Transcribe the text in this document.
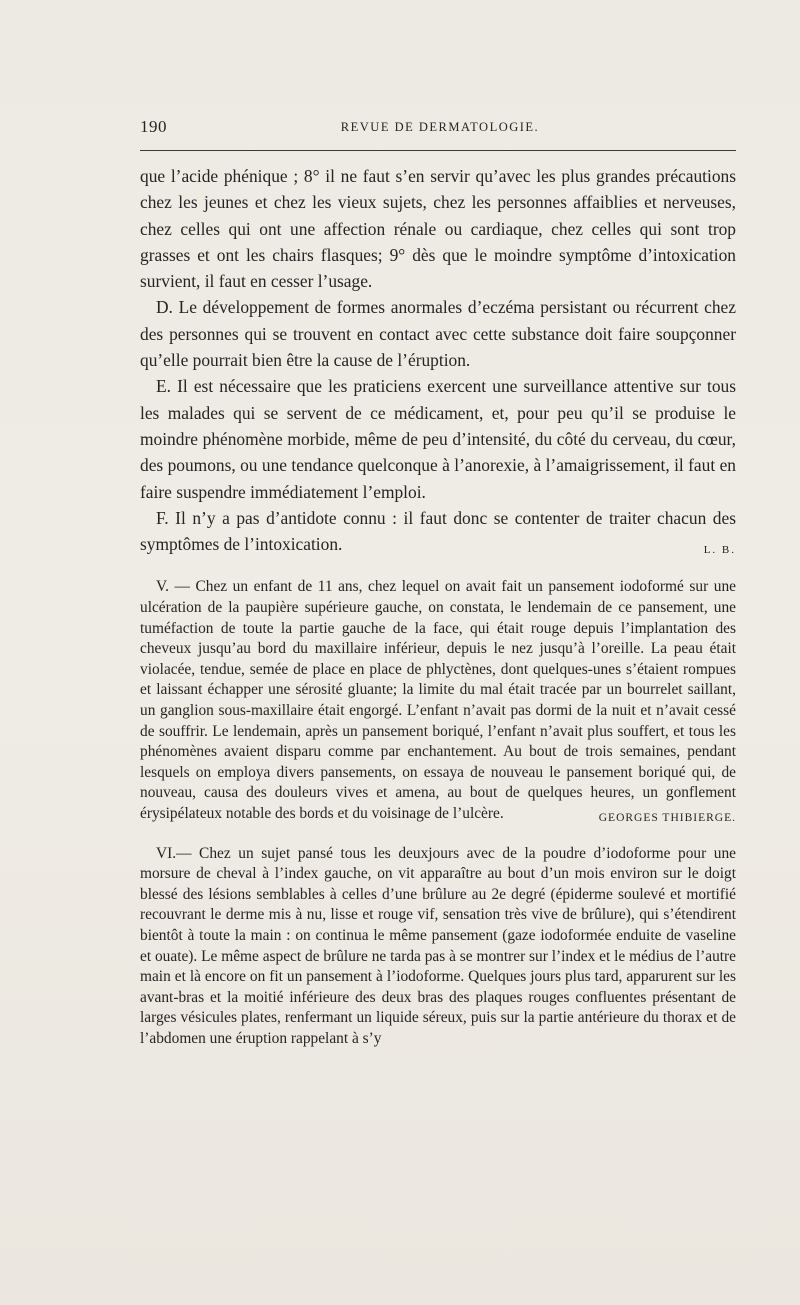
190	REVUE DE DERMATOLOGIE.

que l’acide phénique ; 8° il ne faut s’en servir qu’avec les plus grandes précautions chez les jeunes et chez les vieux sujets, chez les personnes affaiblies et nerveuses, chez celles qui ont une affection rénale ou cardiaque, chez celles qui sont trop grasses et ont les chairs flasques; 9° dès que le moindre symptôme d’intoxication survient, il faut en cesser l’usage.

D. Le développement de formes anormales d’eczéma persistant ou récurrent chez des personnes qui se trouvent en contact avec cette substance doit faire soupçonner qu’elle pourrait bien être la cause de l’éruption.

E. Il est nécessaire que les praticiens exercent une surveillance attentive sur tous les malades qui se servent de ce médicament, et, pour peu qu’il se produise le moindre phénomène morbide, même de peu d’intensité, du côté du cerveau, du cœur, des poumons, ou une tendance quelconque à l’anorexie, à l’amaigrissement, il faut en faire suspendre immédiatement l’emploi.

F. Il n’y a pas d’antidote connu : il faut donc se contenter de traiter chacun des symptômes de l’intoxication.	L. B.

V. — Chez un enfant de 11 ans, chez lequel on avait fait un pansement iodoformé sur une ulcération de la paupière supérieure gauche, on constata, le lendemain de ce pansement, une tuméfaction de toute la partie gauche de la face, qui était rouge depuis l’implantation des cheveux jusqu’au bord du maxillaire inférieur, depuis le nez jusqu’à l’oreille. La peau était violacée, tendue, semée de place en place de phlyctènes, dont quelques-unes s’étaient rompues et laissant échapper une sérosité gluante; la limite du mal était tracée par un bourrelet saillant, un ganglion sous-maxillaire était engorgé. L’enfant n’avait pas dormi de la nuit et n’avait cessé de souffrir. Le lendemain, après un pansement boriqué, l’enfant n’avait plus souffert, et tous les phénomènes avaient disparu comme par enchantement. Au bout de trois semaines, pendant lesquels on employa divers pansements, on essaya de nouveau le pansement boriqué qui, de nouveau, causa des douleurs vives et amena, au bout de quelques heures, un gonflement érysipélateux notable des bords et du voisinage de l’ulcère.	GEORGES THIBIERGE.

VI.— Chez un sujet pansé tous les deuxjours avec de la poudre d’iodoforme pour une morsure de cheval à l’index gauche, on vit apparaître au bout d’un mois environ sur le doigt blessé des lésions semblables à celles d’une brûlure au 2e degré (épiderme soulevé et mortifié recouvrant le derme mis à nu, lisse et rouge vif, sensation très vive de brûlure), qui s’étendirent bientôt à toute la main : on continua le même pansement (gaze iodoformée enduite de vaseline et ouate). Le même aspect de brûlure ne tarda pas à se montrer sur l’index et le médius de l’autre main et là encore on fit un pansement à l’iodoforme. Quelques jours plus tard, apparurent sur les avant-bras et la moitié inférieure des deux bras des plaques rouges confluentes présentant de larges vésicules plates, renfermant un liquide séreux, puis sur la partie antérieure du thorax et de l’abdomen une éruption rappelant à s’y
